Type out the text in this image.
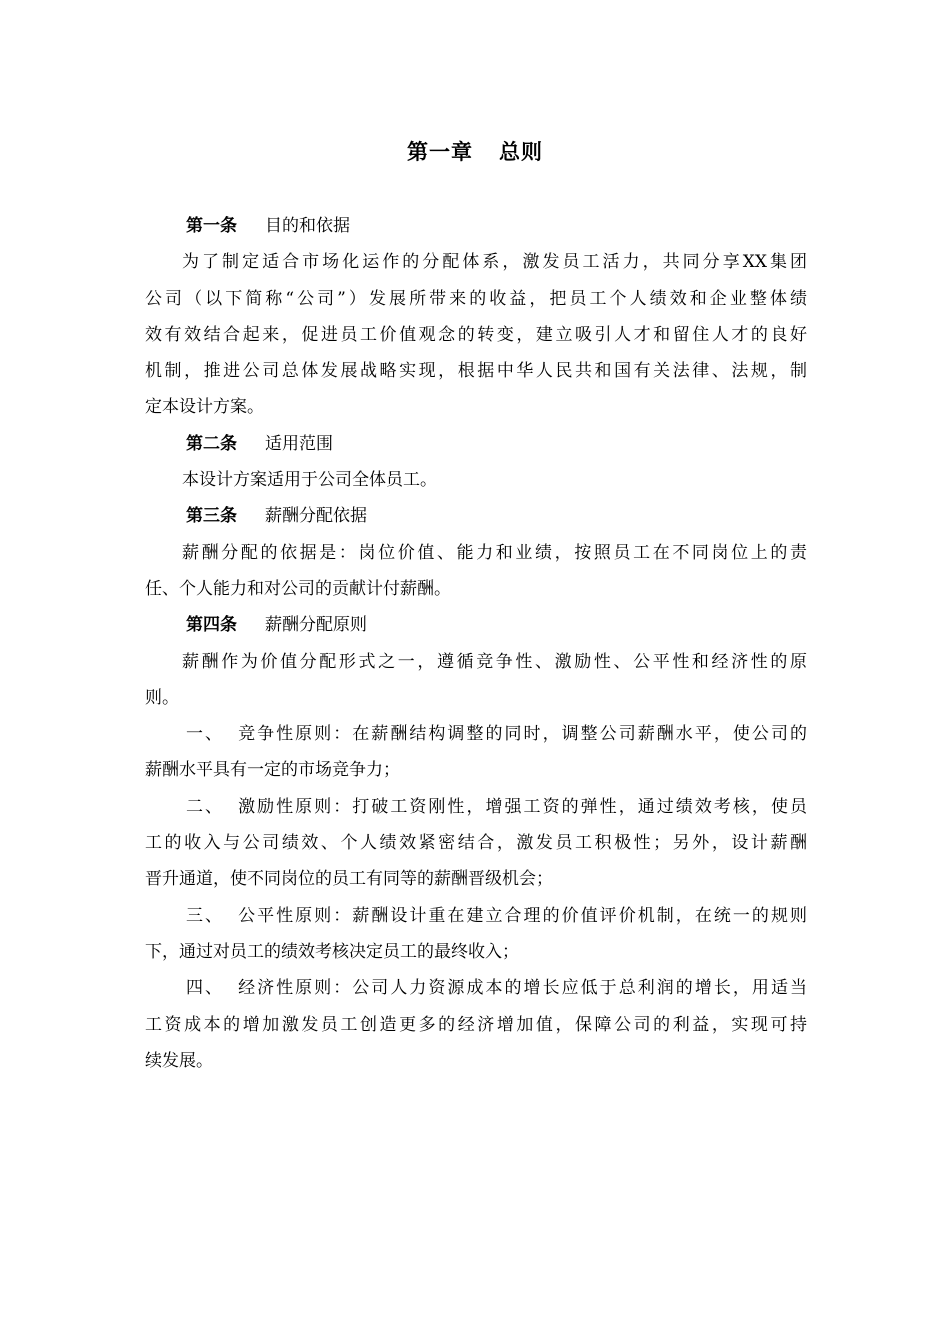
第一章 总则
第一条 目的和依据
为了制定适合市场化运作的分配体系，激发员工活力，共同分享XX集团
公司（以下简称“公司”）发展所带来的收益，把员工个人绩效和企业整体绩
效有效结合起来，促进员工价值观念的转变，建立吸引人才和留住人才的良好
机制，推进公司总体发展战略实现，根据中华人民共和国有关法律、法规，制
定本设计方案。
第二条 适用范围
本设计方案适用于公司全体员工。
第三条 薪酬分配依据
薪酬分配的依据是：岗位价值、能力和业绩，按照员工在不同岗位上的责
任、个人能力和对公司的贡献计付薪酬。
第四条 薪酬分配原则
薪酬作为价值分配形式之一，遵循竞争性、激励性、公平性和经济性的原
则。
一、 竞争性原则：在薪酬结构调整的同时，调整公司薪酬水平，使公司的
薪酬水平具有一定的市场竞争力；
二、 激励性原则：打破工资刚性，增强工资的弹性，通过绩效考核，使员
工的收入与公司绩效、个人绩效紧密结合，激发员工积极性；另外，设计薪酬
晋升通道，使不同岗位的员工有同等的薪酬晋级机会；
三、 公平性原则：薪酬设计重在建立合理的价值评价机制，在统一的规则
下，通过对员工的绩效考核决定员工的最终收入；
四、 经济性原则：公司人力资源成本的增长应低于总利润的增长，用适当
工资成本的增加激发员工创造更多的经济增加值，保障公司的利益，实现可持
续发展。
